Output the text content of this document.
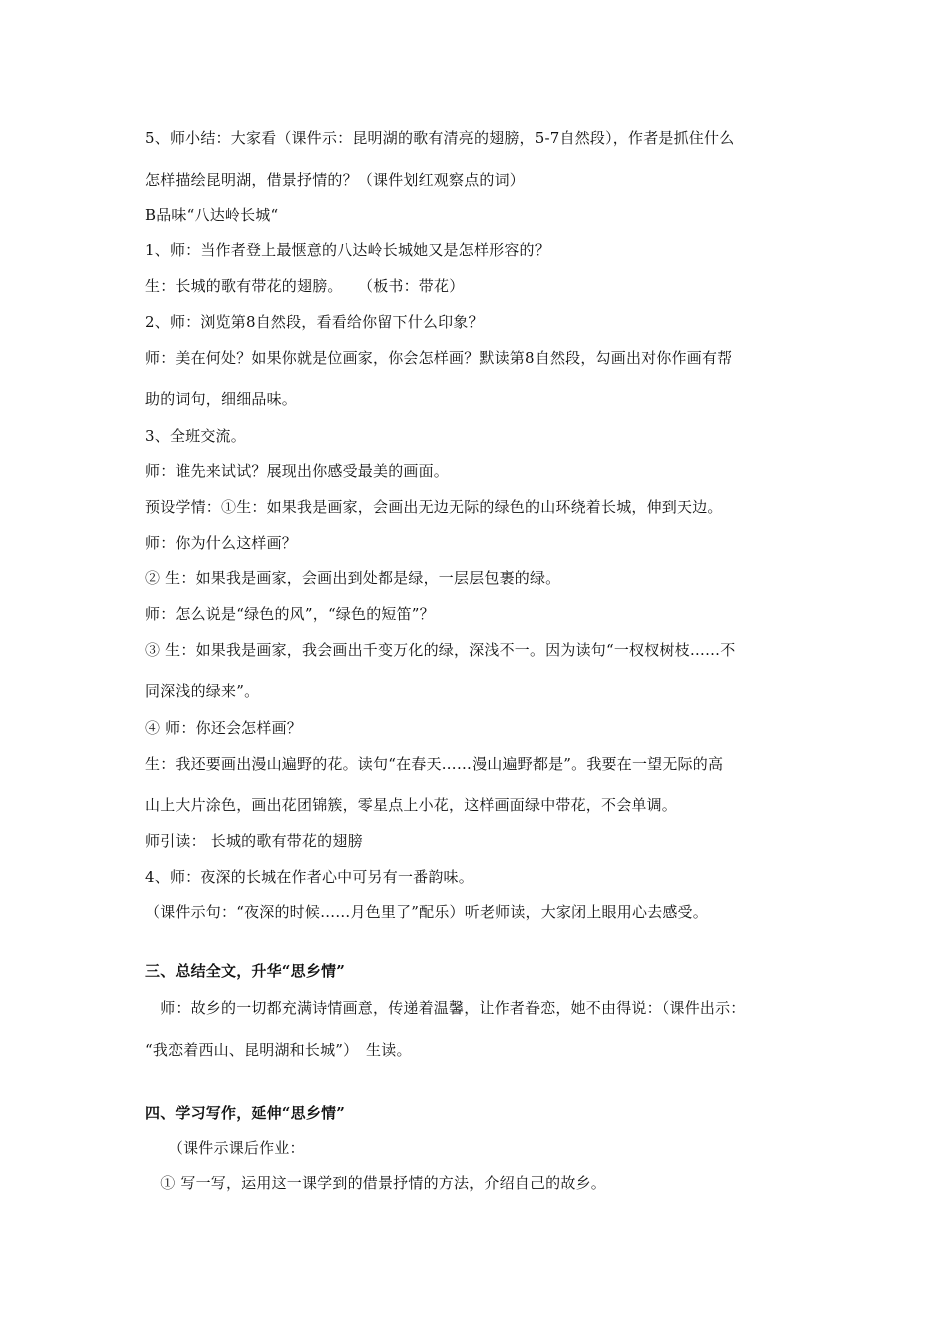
5、师小结：大家看（课件示：昆明湖的歌有清亮的翅膀，5-7自然段），作者是抓住什么
怎样描绘昆明湖，借景抒情的？（课件划红观察点的词）
B品味“八达岭长城“
1、师：当作者登上最惬意的八达岭长城她又是怎样形容的？
生：长城的歌有带花的翅膀。　　（板书：带花）
2、师：浏览第8自然段，看看给你留下什么印象？
师：美在何处？如果你就是位画家，你会怎样画？默读第8自然段，勾画出对你作画有帮
助的词句，细细品味。
3、全班交流。
师：谁先来试试？展现出你感受最美的画面。
预设学情：①生：如果我是画家，会画出无边无际的绿色的山环绕着长城，伸到天边。
师：你为什么这样画？
② 生：如果我是画家，会画出到处都是绿，一层层包裹的绿。
师：怎么说是“绿色的风”，“绿色的短笛”？
③ 生：如果我是画家，我会画出千变万化的绿，深浅不一。因为读句“一杈杈树枝……不
同深浅的绿来”。
④ 师：你还会怎样画？
生：我还要画出漫山遍野的花。读句“在春天……漫山遍野都是”。我要在一望无际的高
山上大片涂色，画出花团锦簇，零星点上小花，这样画面绿中带花，不会单调。
师引读： 长城的歌有带花的翅膀
4、师：夜深的长城在作者心中可另有一番韵味。
（课件示句：“夜深的时候……月色里了”配乐）听老师读，大家闭上眼用心去感受。
三、总结全文，升华“思乡情”
　师：故乡的一切都充满诗情画意，传递着温馨，让作者眷恋，她不由得说：（课件出示：
“我恋着西山、昆明湖和长城”）　生读。
四、学习写作，延伸“思乡情”
　　（课件示课后作业：
　① 写一写，运用这一课学到的借景抒情的方法，介绍自己的故乡。
